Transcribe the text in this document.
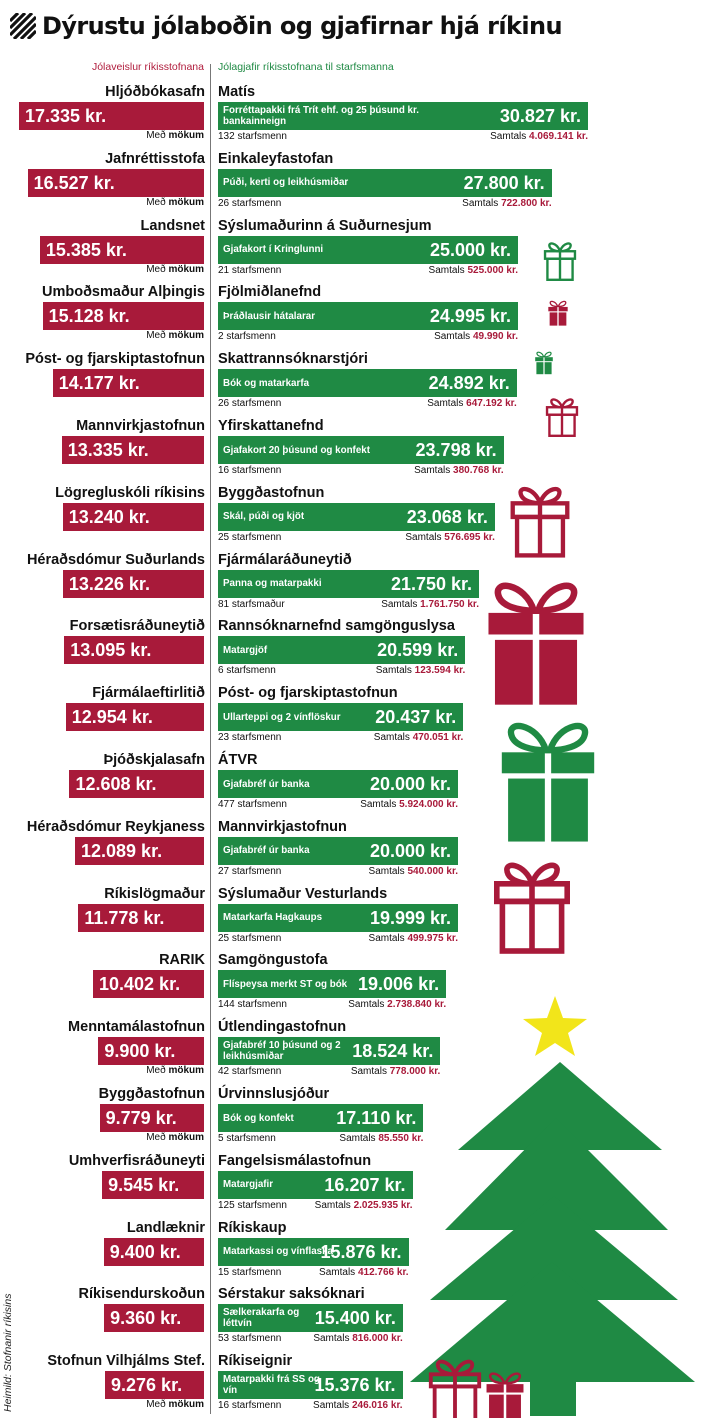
Dýrustu jólaboðin og gjafirnar hjá ríkinu
Jólaveislur ríkisstofnana Jólagjafir ríkisstofnana til starfsmanna
Heimild: Stofnanir ríkisins
Hljóðbókasafn
17.335 kr.
Með mökum
Matís
Forréttapakki frá Trít ehf. og 25 þúsund kr. bankainneign	30.827 kr.
132 starfsmenn	Samtals 4.069.141 kr.
Jafnréttisstofa
16.527 kr.
Með mökum
Einkaleyfastofan
Púði, kerti og leikhúsmiðar	27.800 kr.
26 starfsmenn	Samtals 722.800 kr.
Landsnet
15.385 kr.
Með mökum
Sýslumaðurinn á Suðurnesjum
Gjafakort í Kringlunni	25.000 kr.
21 starfsmenn	Samtals 525.000 kr.
Umboðsmaður Alþingis
15.128 kr.
Með mökum
Fjölmiðlanefnd
Þráðlausir hátalarar	24.995 kr.
2 starfsmenn	Samtals 49.990 kr.
Póst- og fjarskiptastofnun
14.177 kr.
Skattrannsóknarstjóri
Bók og matarkarfa	24.892 kr.
26 starfsmenn	Samtals 647.192 kr.
Mannvirkjastofnun
13.335 kr.
Yfirskattanefnd
Gjafakort 20 þúsund og konfekt	23.798 kr.
16 starfsmenn	Samtals 380.768 kr.
Lögregluskóli ríkisins
13.240 kr.
Byggðastofnun
Skál, púði og kjöt	23.068 kr.
25 starfsmenn	Samtals 576.695 kr.
Héraðsdómur Suðurlands
13.226 kr.
Fjármálaráðuneytið
Panna og matarpakki	21.750 kr.
81 starfsmaður	Samtals 1.761.750 kr.
Forsætisráðuneytið
13.095 kr.
Rannsóknarnefnd samgönguslysa
Matargjöf	20.599 kr.
6 starfsmenn	Samtals 123.594 kr.
Fjármálaeftirlitið
12.954 kr.
Póst- og fjarskiptastofnun
Ullarteppi og 2 vínflöskur	20.437 kr.
23 starfsmenn	Samtals 470.051 kr.
Þjóðskjalasafn
12.608 kr.
ÁTVR
Gjafabréf úr banka	20.000 kr.
477 starfsmenn	Samtals 5.924.000 kr.
Héraðsdómur Reykjaness
12.089 kr.
Mannvirkjastofnun
Gjafabréf úr banka	20.000 kr.
27 starfsmenn	Samtals 540.000 kr.
Ríkislögmaður
11.778 kr.
Sýslumaður Vesturlands
Matarkarfa Hagkaups	19.999 kr.
25 starfsmenn	Samtals 499.975 kr.
RARIK
10.402 kr.
Samgöngustofa
Flíspeysa merkt ST og bók 19.006 kr.
144 starfsmenn	Samtals 2.738.840 kr.
Menntamálastofnun
9.900 kr.
Með mökum
Útlendingastofnun
Gjafabréf 10 þúsund og 2 leikhúsmiðar	18.524 kr.
42 starfsmenn	Samtals 778.000 kr.
Byggðastofnun
9.779 kr.
Með mökum
Úrvinnslusjóður
Bók og konfekt	17.110 kr.
5 starfsmenn	Samtals 85.550 kr.
Umhverfisráðuneyti
9.545 kr.
Fangelsismálastofnun
Matargjafir	16.207 kr.
125 starfsmenn	Samtals 2.025.935 kr.
Landlæknir
9.400 kr.
Ríkiskaup
Matarkassi og vínflaska
15.876 kr.
15 starfsmenn	Samtals 412.766 kr.
Ríkisendurskoðun
9.360 kr.
Sérstakur saksóknari
Sælkerakarfa og léttvín	15.400 kr.
53 starfsmenn	Samtals 816.000 kr.
Stofnun Vilhjálms Stef.
9.276 kr.
Með mökum
Ríkiseignir
Matarpakki frá SS og vín	15.376 kr.
16 starfsmenn	Samtals 246.016 kr.
